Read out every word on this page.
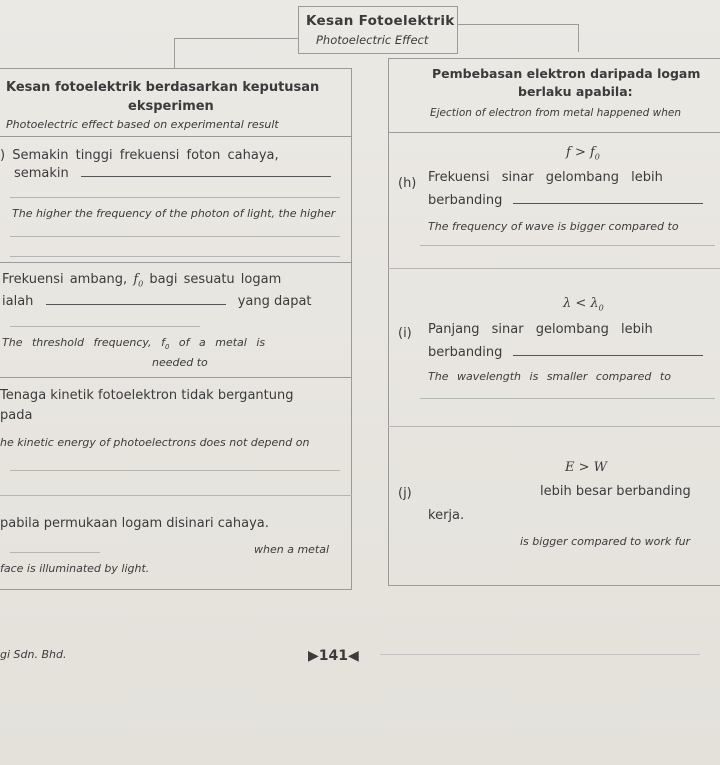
Kesan Fotoelektrik
Photoelectric Effect
Kesan fotoelektrik berdasarkan keputusan
eksperimen
Photoelectric effect based on experimental result
) Semakin tinggi frekuensi foton cahaya,
semakin
The higher the frequency of the photon of light, the higher
Frekuensi ambang, $f_0$ bagi sesuatu logam
ialah	yang dapat
The threshold frequency, $f_0$ of a metal is
needed to
Tenaga kinetik fotoelektron tidak bergantung
pada
he kinetic energy of photoelectrons does not depend on
pabila permukaan logam disinari cahaya.
when a metal
face is illuminated by light.
Pembebasan elektron daripada logam
berlaku apabila:
Ejection of electron from metal happened when
$f > f_0$
(h) Frekuensi sinar gelombang lebih
berbanding
The frequency of wave is bigger compared to
$\lambda < \lambda_0$
(i) Panjang sinar gelombang lebih
berbanding
The wavelength is smaller compared to
E > W
(j)	lebih besar berbanding
kerja.
is bigger compared to work fur
gi Sdn. Bhd.	▶141◀
